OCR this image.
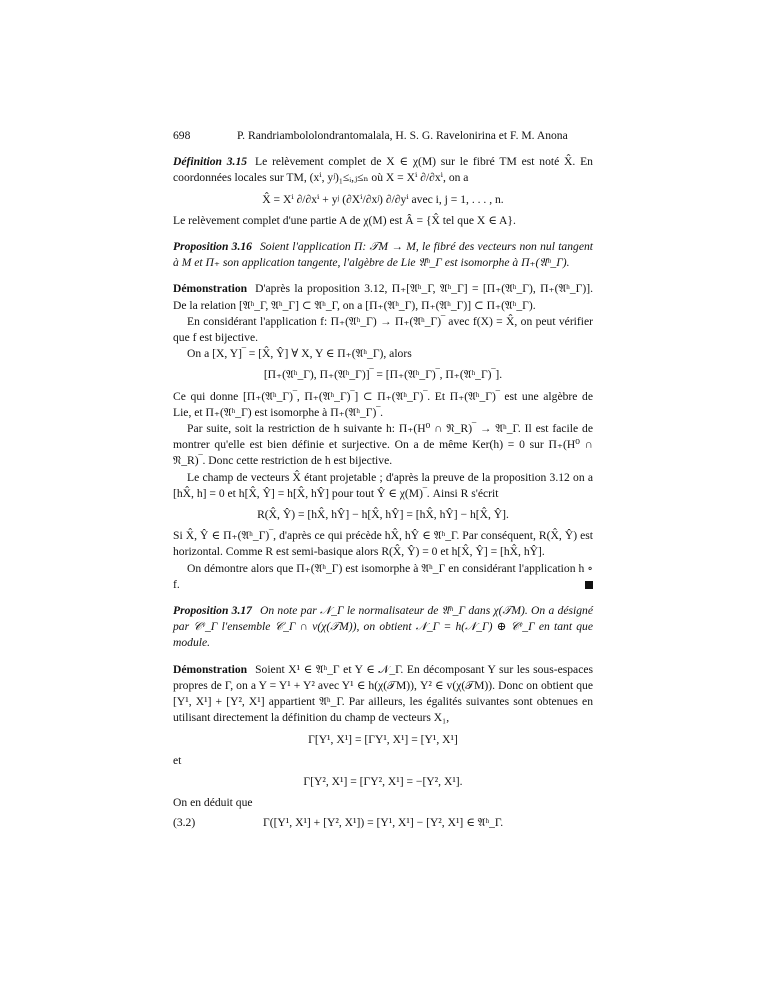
698	P. Randriambololondrantomalala, H. S. G. Ravelonirina et F. M. Anona

Définition 3.15 Le relèvement complet de X ∈ χ(M) sur le fibré TM est noté X̂. En coordonnées locales sur TM, (xⁱ, yʲ)₁≤ᵢ,ⱼ≤ₙ où X = Xⁱ ∂/∂xⁱ, on a

X̂ = Xⁱ ∂/∂xⁱ + yʲ (∂Xⁱ/∂xʲ) ∂/∂yⁱ avec i, j = 1, . . . , n.

Le relèvement complet d'une partie A de χ(M) est Â = {X̂ tel que X ∈ A}.

Proposition 3.16 Soient l'application Π: 𝒯M → M, le fibré des vecteurs non nul tangent à M et Π₊ son application tangente, l'algèbre de Lie 𝔄ʰ_Γ est isomorphe à Π₊(𝔄ʰ_Γ).

Démonstration D'après la proposition 3.12, Π₊[𝔄ʰ_Γ, 𝔄ʰ_Γ] = [Π₊(𝔄ʰ_Γ), Π₊(𝔄ʰ_Γ)]. De la relation [𝔄ʰ_Γ, 𝔄ʰ_Γ] ⊂ 𝔄ʰ_Γ, on a [Π₊(𝔄ʰ_Γ), Π₊(𝔄ʰ_Γ)] ⊂ Π₊(𝔄ʰ_Γ).

En considérant l'application f: Π₊(𝔄ʰ_Γ) → Π₊(𝔄ʰ_Γ)‾ avec f(X) = X̂, on peut vérifier que f est bijective.

On a [X, Y]‾ = [X̂, Ŷ] ∀ X, Y ∈ Π₊(𝔄ʰ_Γ), alors

[Π₊(𝔄ʰ_Γ), Π₊(𝔄ʰ_Γ)]‾ = [Π₊(𝔄ʰ_Γ)‾, Π₊(𝔄ʰ_Γ)‾].

Ce qui donne [Π₊(𝔄ʰ_Γ)‾, Π₊(𝔄ʰ_Γ)‾] ⊂ Π₊(𝔄ʰ_Γ)‾. Et Π₊(𝔄ʰ_Γ)‾ est une algèbre de Lie, et Π₊(𝔄ʰ_Γ) est isomorphe à Π₊(𝔄ʰ_Γ)‾.

Par suite, soit la restriction de h suivante h: Π₊(H⁰ ∩ 𝔑_R)‾ → 𝔄ʰ_Γ. Il est facile de montrer qu'elle est bien définie et surjective. On a de même Ker(h) = 0 sur Π₊(H⁰ ∩ 𝔑_R)‾. Donc cette restriction de h est bijective.

Le champ de vecteurs X̂ étant projetable ; d'après la preuve de la proposition 3.12 on a [hX̂, h] = 0 et h[X̂, Ŷ] = h[X̂, hŶ] pour tout Ŷ ∈ χ(M)‾. Ainsi R s'écrit

R(X̂, Ŷ) = [hX̂, hŶ] − h[X̂, hŶ] = [hX̂, hŶ] − h[X̂, Ŷ].

Si X̂, Ŷ ∈ Π₊(𝔄ʰ_Γ)‾, d'après ce qui précède hX̂, hŶ ∈ 𝔄ʰ_Γ. Par conséquent, R(X̂, Ŷ) est horizontal. Comme R est semi-basique alors R(X̂, Ŷ) = 0 et h[X̂, Ŷ] = [hX̂, hŶ].

On démontre alors que Π₊(𝔄ʰ_Γ) est isomorphe à 𝔄ʰ_Γ en considérant l'application h ∘ f.

Proposition 3.17 On note par 𝒩_Γ le normalisateur de 𝔄ʰ_Γ dans χ(𝒯M). On a désigné par 𝒞ᵛ_Γ l'ensemble 𝒞_Γ ∩ v(χ(𝒯M)), on obtient 𝒩_Γ = h(𝒩_Γ) ⊕ 𝒞ᵛ_Γ en tant que module.

Démonstration Soient X¹ ∈ 𝔄ʰ_Γ et Y ∈ 𝒩_Γ. En décomposant Y sur les sous-espaces propres de Γ, on a Y = Y¹ + Y² avec Y¹ ∈ h(χ(𝒯M)), Y² ∈ v(χ(𝒯M)). Donc on obtient que [Y¹, X¹] + [Y², X¹] appartient 𝔄ʰ_Γ. Par ailleurs, les égalités suivantes sont obtenues en utilisant directement la définition du champ de vecteurs X₁,

Γ[Y¹, X¹] = [ΓY¹, X¹] = [Y¹, X¹]

et

Γ[Y², X¹] = [ΓY², X¹] = −[Y², X¹].

On en déduit que

(3.2)	Γ([Y¹, X¹] + [Y², X¹]) = [Y¹, X¹] − [Y², X¹] ∈ 𝔄ʰ_Γ.
